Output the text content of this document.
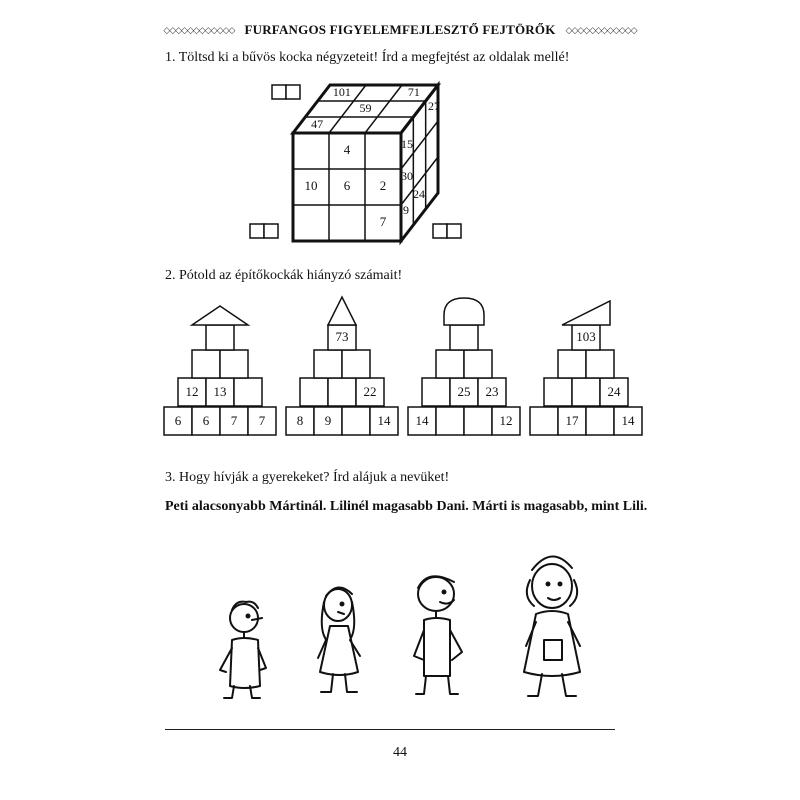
◇◇◇◇◇◇◇◇◇◇◇◇ FURFANGOS FIGYELEMFEJLESZTŐ FEJTÖRŐK ◇◇◇◇◇◇◇◇◇◇◇◇
1. Töltsd ki a bűvös kocka négyzeteit! Írd a megfejtést az oldalak mellé!
2. Pótold az építőkockák hiányzó számait!
3. Hogy hívják a gyerekeket? Írd alájuk a nevüket!
Peti alacsonyabb Mártinál. Lilinél magasabb Dani. Márti is magasabb, mint Lili.
4
10 6 2
7
101	71
59
47
27
15
30
24
9
6 6 7 7
12 13
8 9	14
22
73
14	12
25 23
17	14
24
103
44
